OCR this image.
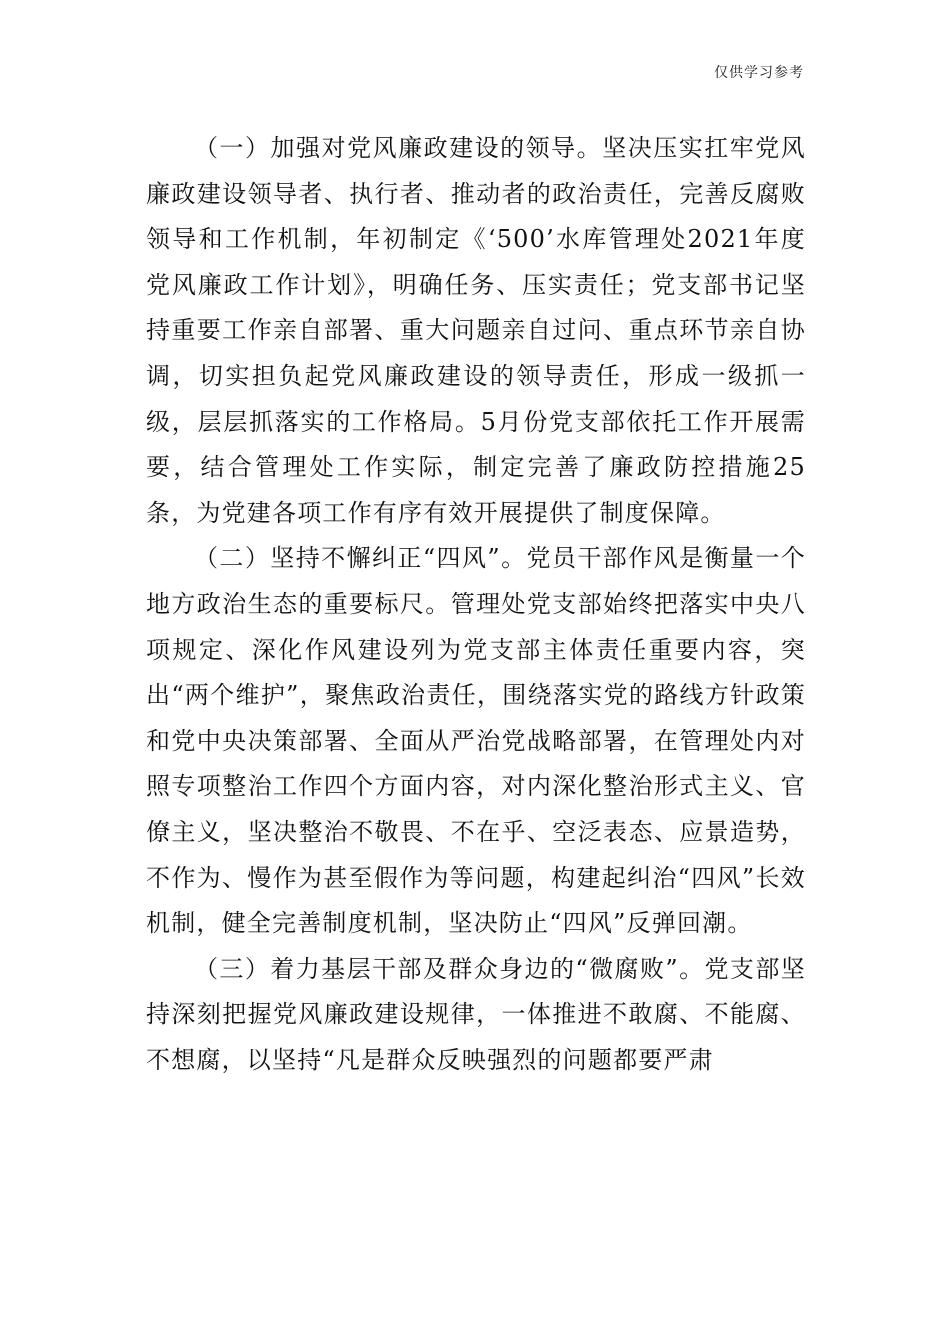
仅供学习参考

（一）加强对党风廉政建设的领导。坚决压实扛牢党风廉政建设领导者、执行者、推动者的政治责任，完善反腐败领导和工作机制，年初制定《‘500’水库管理处2021年度党风廉政工作计划》，明确任务、压实责任；党支部书记坚持重要工作亲自部署、重大问题亲自过问、重点环节亲自协调，切实担负起党风廉政建设的领导责任，形成一级抓一级，层层抓落实的工作格局。5月份党支部依托工作开展需要，结合管理处工作实际，制定完善了廉政防控措施25条，为党建各项工作有序有效开展提供了制度保障。

（二）坚持不懈纠正“四风”。党员干部作风是衡量一个地方政治生态的重要标尺。管理处党支部始终把落实中央八项规定、深化作风建设列为党支部主体责任重要内容，突出“两个维护”，聚焦政治责任，围绕落实党的路线方针政策和党中央决策部署、全面从严治党战略部署，在管理处内对照专项整治工作四个方面内容，对内深化整治形式主义、官僚主义，坚决整治不敬畏、不在乎、空泛表态、应景造势，不作为、慢作为甚至假作为等问题，构建起纠治“四风”长效机制，健全完善制度机制，坚决防止“四风”反弹回潮。

（三）着力基层干部及群众身边的“微腐败”。党支部坚持深刻把握党风廉政建设规律，一体推进不敢腐、不能腐、不想腐，以坚持“凡是群众反映强烈的问题都要严肃
